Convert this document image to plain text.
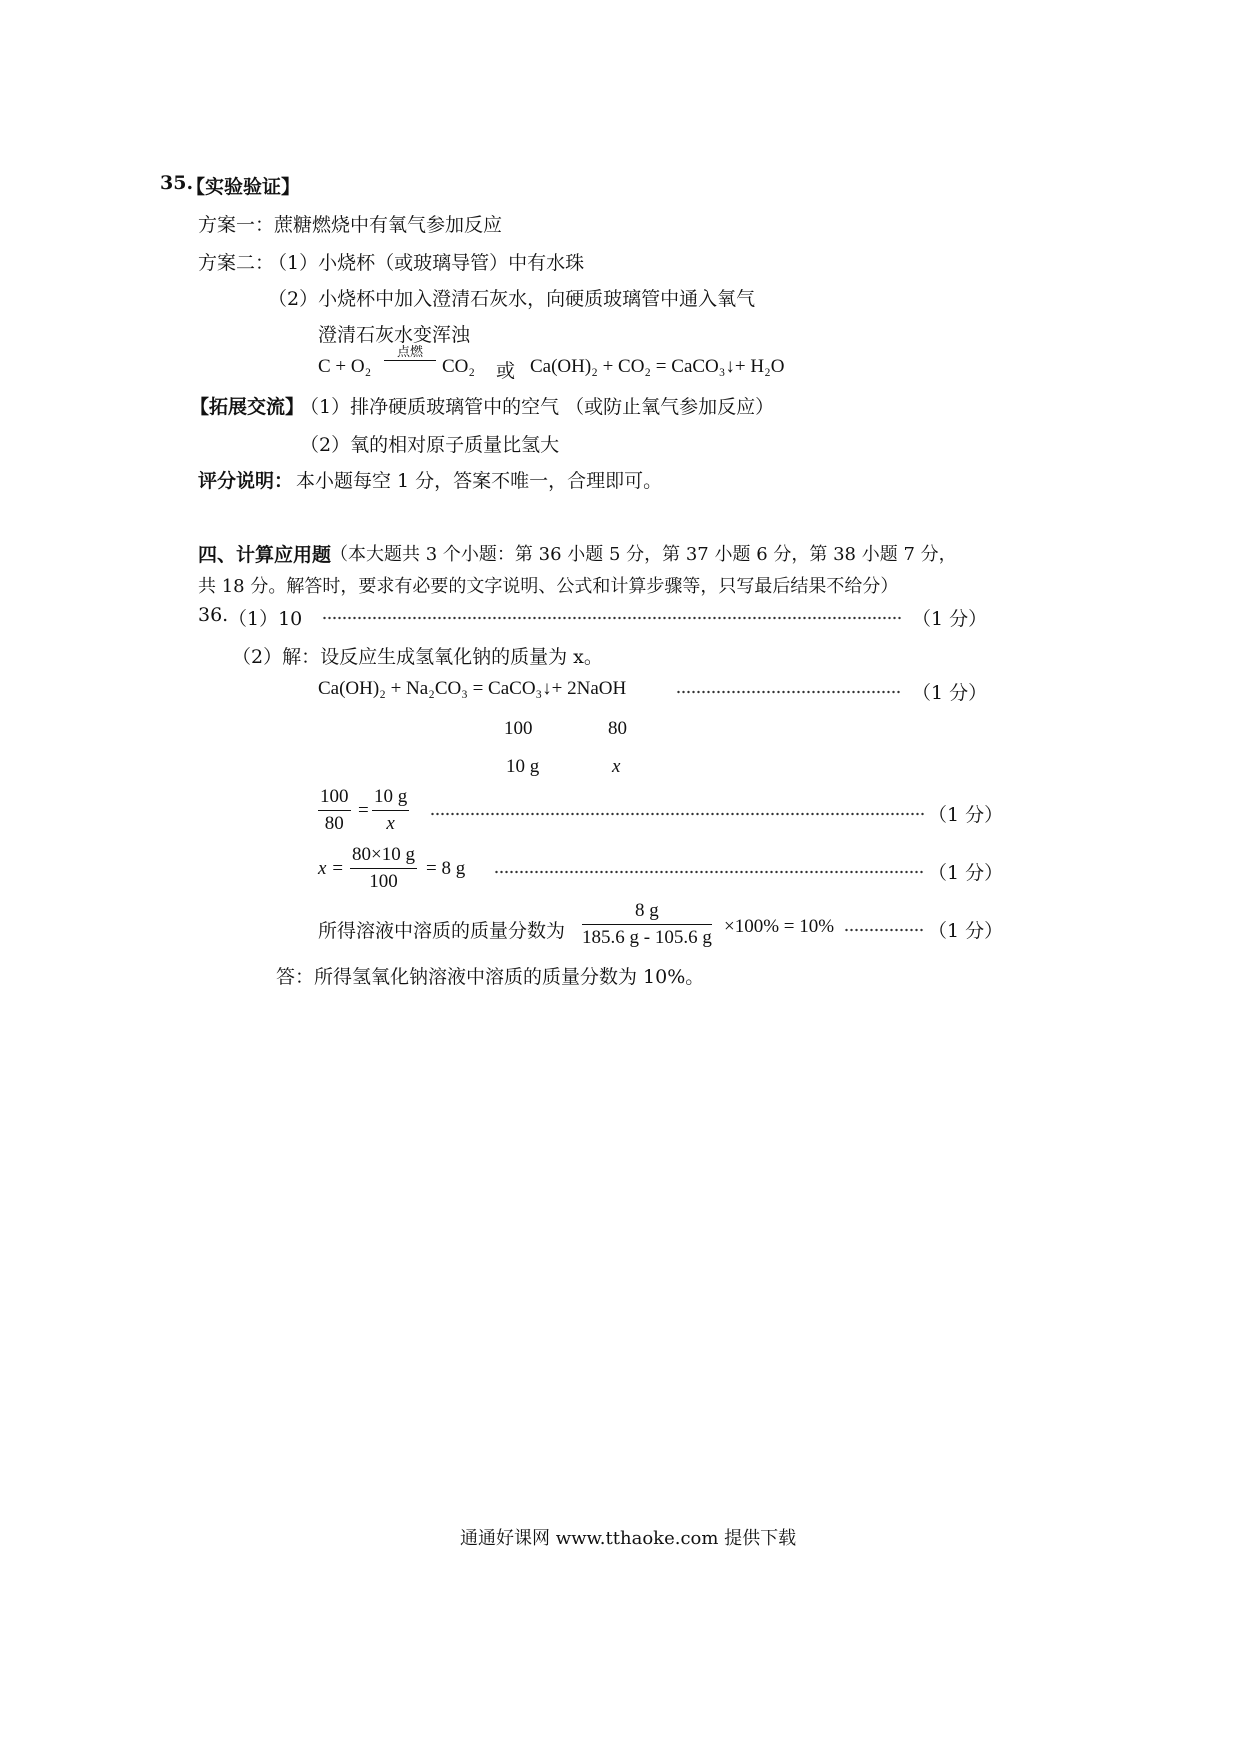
35.
【实验验证】
方案一：蔗糖燃烧中有氧气参加反应
方案二：
（1）小烧杯（或玻璃导管）中有水珠
（2）小烧杯中加入澄清石灰水，向硬质玻璃管中通入氧气
澄清石灰水变浑浊
C + O₂
点燃
CO₂ 或 Ca(OH)₂ + CO₂ = CaCO₃↓+ H₂O
【拓展交流】
（1）排净硬质玻璃管中的空气 （或防止氧气参加反应）
（2）氧的相对原子质量比氢大
评分说明： 本小题每空 1 分，答案不唯一，合理即可。
四、计算应用题
（本大题共 3 个小题：第 36 小题 5 分，第 37 小题 6 分，第 38 小题 7 分，
共 18 分。解答时，要求有必要的文字说明、公式和计算步骤等，只写最后结果不给分）
36. （1）10	（1 分）
（2）解：设反应生成氢氧化钠的质量为 x。
Ca(OH)₂ + Na₂CO₃ = CaCO₃↓+ 2NaOH	（1 分）
100	80
10 g	x
$\frac{100}{80} = \frac{10 g}{x}$	（1 分）
$x = \frac{80\times 10 g}{100} = 8$ g	（1 分）
所得溶液中溶质的质量分数为 $\frac{8 g}{185.6 g - 105.6 g} \times 100\% = 10\%$	（1 分）
答：所得氢氧化钠溶液中溶质的质量分数为 10%。
通通好课网 www.tthaoke.com 提供下载
